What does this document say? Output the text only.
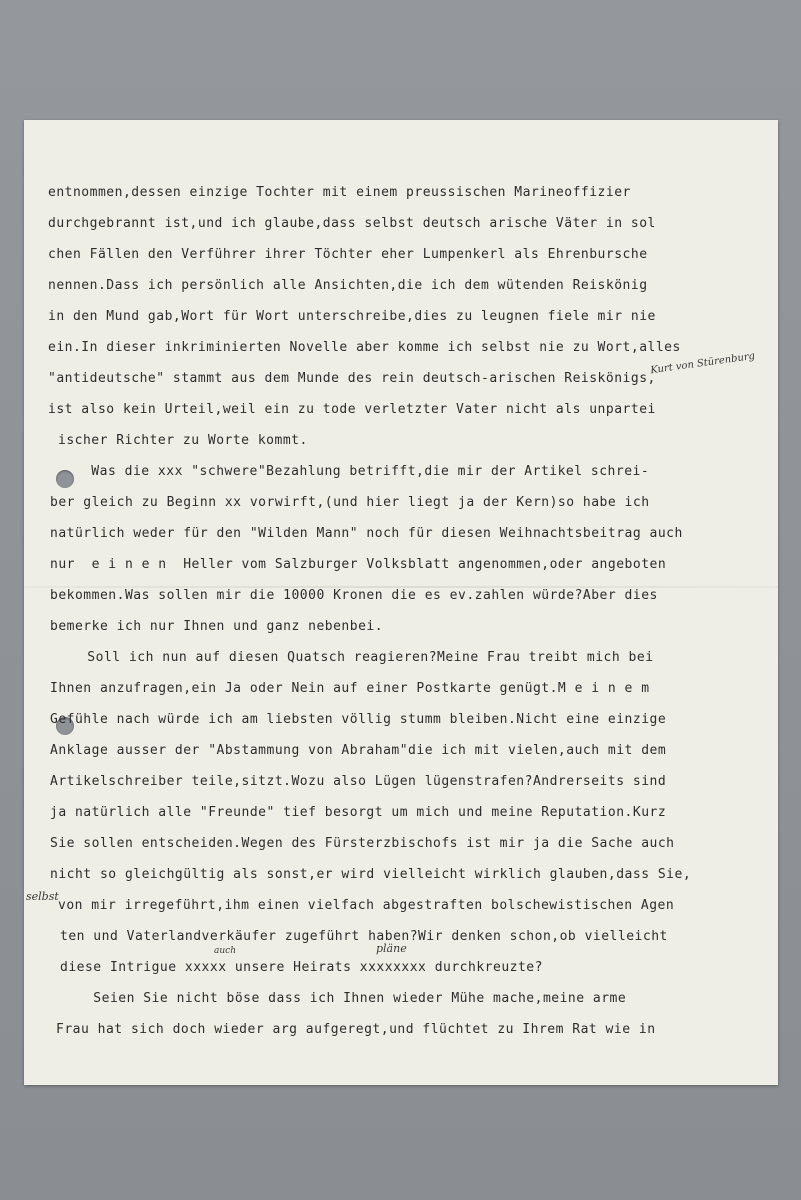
entnommen,dessen einzige Tochter mit einem preussischen Marineoffizier

durchgebrannt ist,und ich glaube,dass selbst deutsch arische Väter in sol

chen Fällen den Verführer ihrer Töchter eher Lumpenkerl als Ehrenbursche

nennen.Dass ich persönlich alle Ansichten,die ich dem wütenden Reiskönig

in den Mund gab,Wort für Wort unterschreibe,dies zu leugnen fiele mir nie

ein.In dieser inkriminierten Novelle aber komme ich selbst nie zu Wort,alles

"antideutsche" stammt aus dem Munde des rein deutsch-arischen Reiskönigs,

ist also kein Urteil,weil ein zu tode verletzter Vater nicht als unpartei

ischer Richter zu Worte kommt.

Was die xxx "schwere"Bezahlung betrifft,die mir der Artikel schrei-

ber gleich zu Beginn xx vorwirft,(und hier liegt ja der Kern)so habe ich

natürlich weder für den "Wilden Mann" noch für diesen Weihnachtsbeitrag auch

nur  e i n e n  Heller vom Salzburger Volksblatt angenommen,oder angeboten

bekommen.Was sollen mir die 10000 Kronen die es ev.zahlen würde?Aber dies

bemerke ich nur Ihnen und ganz nebenbei.

Soll ich nun auf diesen Quatsch reagieren?Meine Frau treibt mich bei

Ihnen anzufragen,ein Ja oder Nein auf einer Postkarte genügt.M e i n e m

Gefühle nach würde ich am liebsten völlig stumm bleiben.Nicht eine einzige

Anklage ausser der "Abstammung von Abraham"die ich mit vielen,auch mit dem

Artikelschreiber teile,sitzt.Wozu also Lügen lügenstrafen?Andrerseits sind

ja natürlich alle "Freunde" tief besorgt um mich und meine Reputation.Kurz

Sie sollen entscheiden.Wegen des Fürsterzbischofs ist mir ja die Sache auch

nicht so gleichgültig als sonst,er wird vielleicht wirklich glauben,dass Sie,

von mir irregeführt,ihm einen vielfach abgestraften bolschewistischen Agen

ten und Vaterlandverkäufer zugeführt haben?Wir denken schon,ob vielleicht

diese Intrigue xxxxx unsere Heirats xxxxxxxx durchkreuzte?

Seien Sie nicht böse dass ich Ihnen wieder Mühe mache,meine arme

Frau hat sich doch wieder arg aufgeregt,und flüchtet zu Ihrem Rat wie in

Kurt von Stürenburg
selbst
auch	pläne
